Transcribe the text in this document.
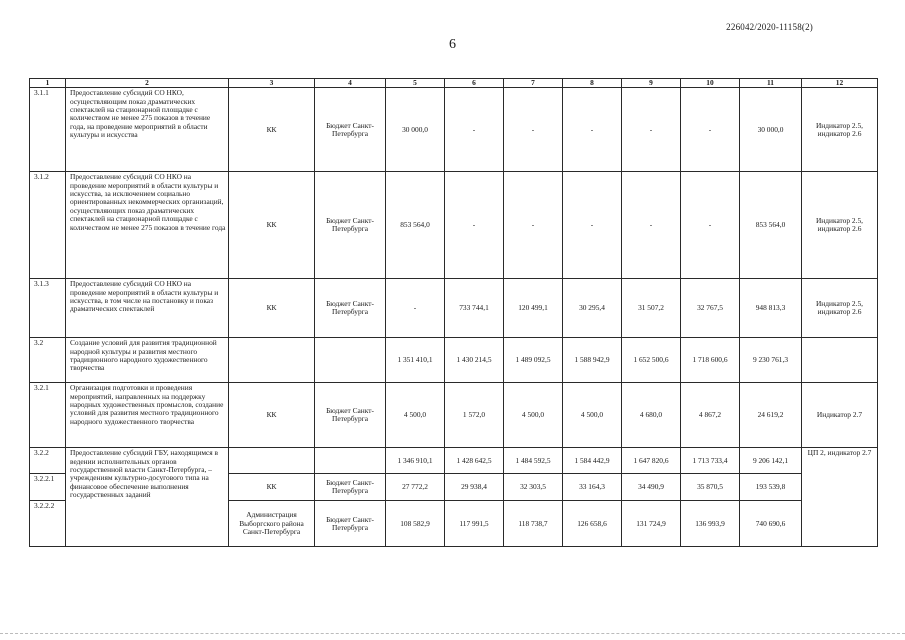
226042/2020-11158(2)
6
1	2	3	4	5	6	7	8	9	10	11	12
3.1.1	Предоставление субсидий СО НКО, осуществляющим показ драматических спектаклей на стационарной площадке с количеством не менее 275 показов в течение года, на проведение мероприятий в области культуры и искусства	КК	Бюджет Санкт-Петербурга	30 000,0	-	-	-	-	-	30 000,0	Индикатор 2.5, индикатор 2.6
3.1.2	Предоставление субсидий СО НКО на проведение мероприятий в области культуры и искусства, за исключением социально ориентированных некоммерческих организаций, осуществляющих показ драматических спектаклей на стационарной площадке с количеством не менее 275 показов в течение года	КК	Бюджет Санкт-Петербурга	853 564,0	-	-	-	-	-	853 564,0	Индикатор 2.5, индикатор 2.6
3.1.3	Предоставление субсидий СО НКО на проведение мероприятий в области культуры и искусства, в том числе на постановку и показ драматических спектаклей	КК	Бюджет Санкт-Петербурга	-	733 744,1	120 499,1	30 295,4	31 507,2	32 767,5	948 813,3	Индикатор 2.5, индикатор 2.6
3.2	Создание условий для развития традиционной народной культуры и развития местного традиционного народного художественного творчества			1 351 410,1	1 430 214,5	1 489 092,5	1 588 942,9	1 652 500,6	1 718 600,6	9 230 761,3	
3.2.1	Организация подготовки и проведения мероприятий, направленных на поддержку народных художественных промыслов, создание условий для развития местного традиционного народного художественного творчества	КК	Бюджет Санкт-Петербурга	4 500,0	1 572,0	4 500,0	4 500,0	4 680,0	4 867,2	24 619,2	Индикатор 2.7
3.2.2	Предоставление субсидий ГБУ, находящимся в ведении исполнительных органов государственной власти Санкт-Петербурга, – учреждениям культурно-досугового типа на финансовое обеспечение выполнения государственных заданий			1 346 910,1	1 428 642,5	1 484 592,5	1 584 442,9	1 647 820,6	1 713 733,4	9 206 142,1	ЦП 2, индикатор 2.7
3.2.2.1		КК	Бюджет Санкт-Петербурга	27 772,2	29 938,4	32 303,5	33 164,3	34 490,9	35 870,5	193 539,8	
3.2.2.2		Администрация Выборгского района Санкт-Петербурга	Бюджет Санкт-Петербурга	108 582,9	117 991,5	118 738,7	126 658,6	131 724,9	136 993,9	740 690,6	
